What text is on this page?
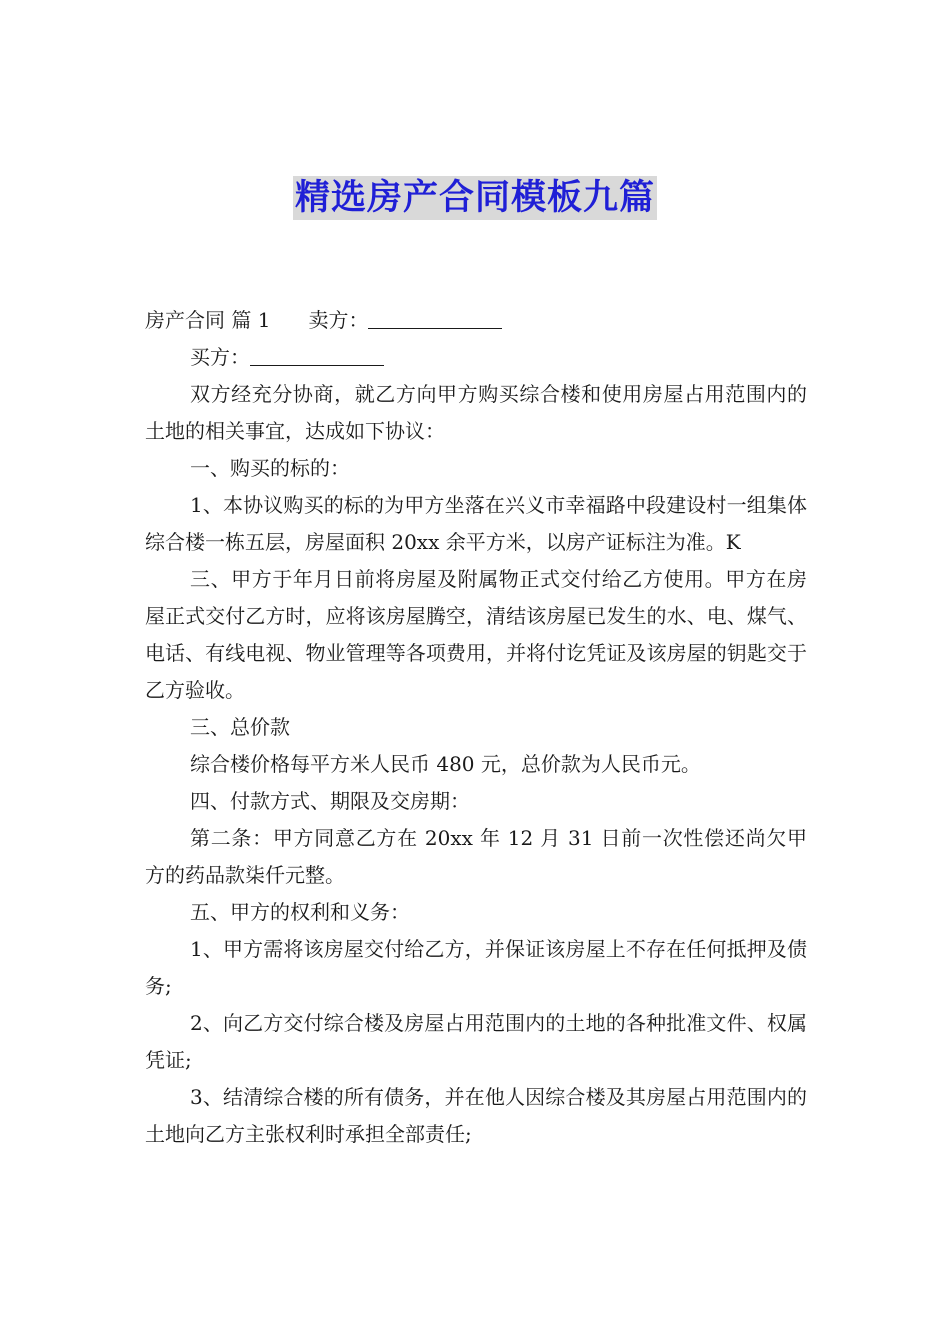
精选房产合同模板九篇

房产合同 篇 1 卖方：

买方：

双方经充分协商，就乙方向甲方购买综合楼和使用房屋占用范围内的土地的相关事宜，达成如下协议：

一、购买的标的：

1、本协议购买的标的为甲方坐落在兴义市幸福路中段建设村一组集体综合楼一栋五层，房屋面积 20xx 余平方米，以房产证标注为准。K

三、甲方于年月日前将房屋及附属物正式交付给乙方使用。甲方在房屋正式交付乙方时，应将该房屋腾空，清结该房屋已发生的水、电、煤气、电话、有线电视、物业管理等各项费用，并将付讫凭证及该房屋的钥匙交于乙方验收。

三、总价款

综合楼价格每平方米人民币 480 元，总价款为人民币元。

四、付款方式、期限及交房期：

第二条：甲方同意乙方在 20xx 年 12 月 31 日前一次性偿还尚欠甲方的药品款柒仟元整。

五、甲方的权利和义务：

1、甲方需将该房屋交付给乙方，并保证该房屋上不存在任何抵押及债务;

2、向乙方交付综合楼及房屋占用范围内的土地的各种批准文件、权属凭证;

3、结清综合楼的所有债务，并在他人因综合楼及其房屋占用范围内的土地向乙方主张权利时承担全部责任;
